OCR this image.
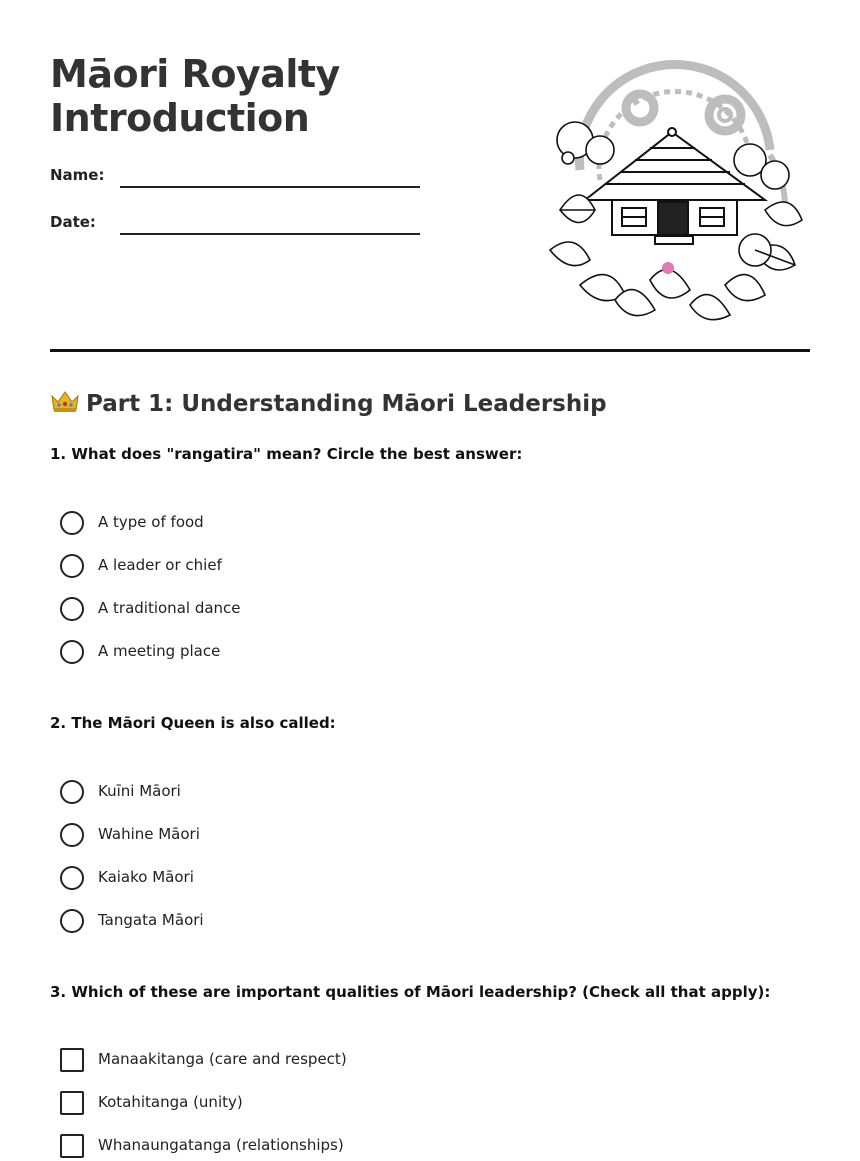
Māori Royalty
Introduction
Name:
Date:
Part 1: Understanding Māori Leadership
1. What does "rangatira" mean? Circle the best answer:
A type of food
A leader or chief
A traditional dance
A meeting place
2. The Māori Queen is also called:
Kuīni Māori
Wahine Māori
Kaiako Māori
Tangata Māori
3. Which of these are important qualities of Māori leadership? (Check all that apply):
Manaakitanga (care and respect)
Kotahitanga (unity)
Whanaungatanga (relationships)
